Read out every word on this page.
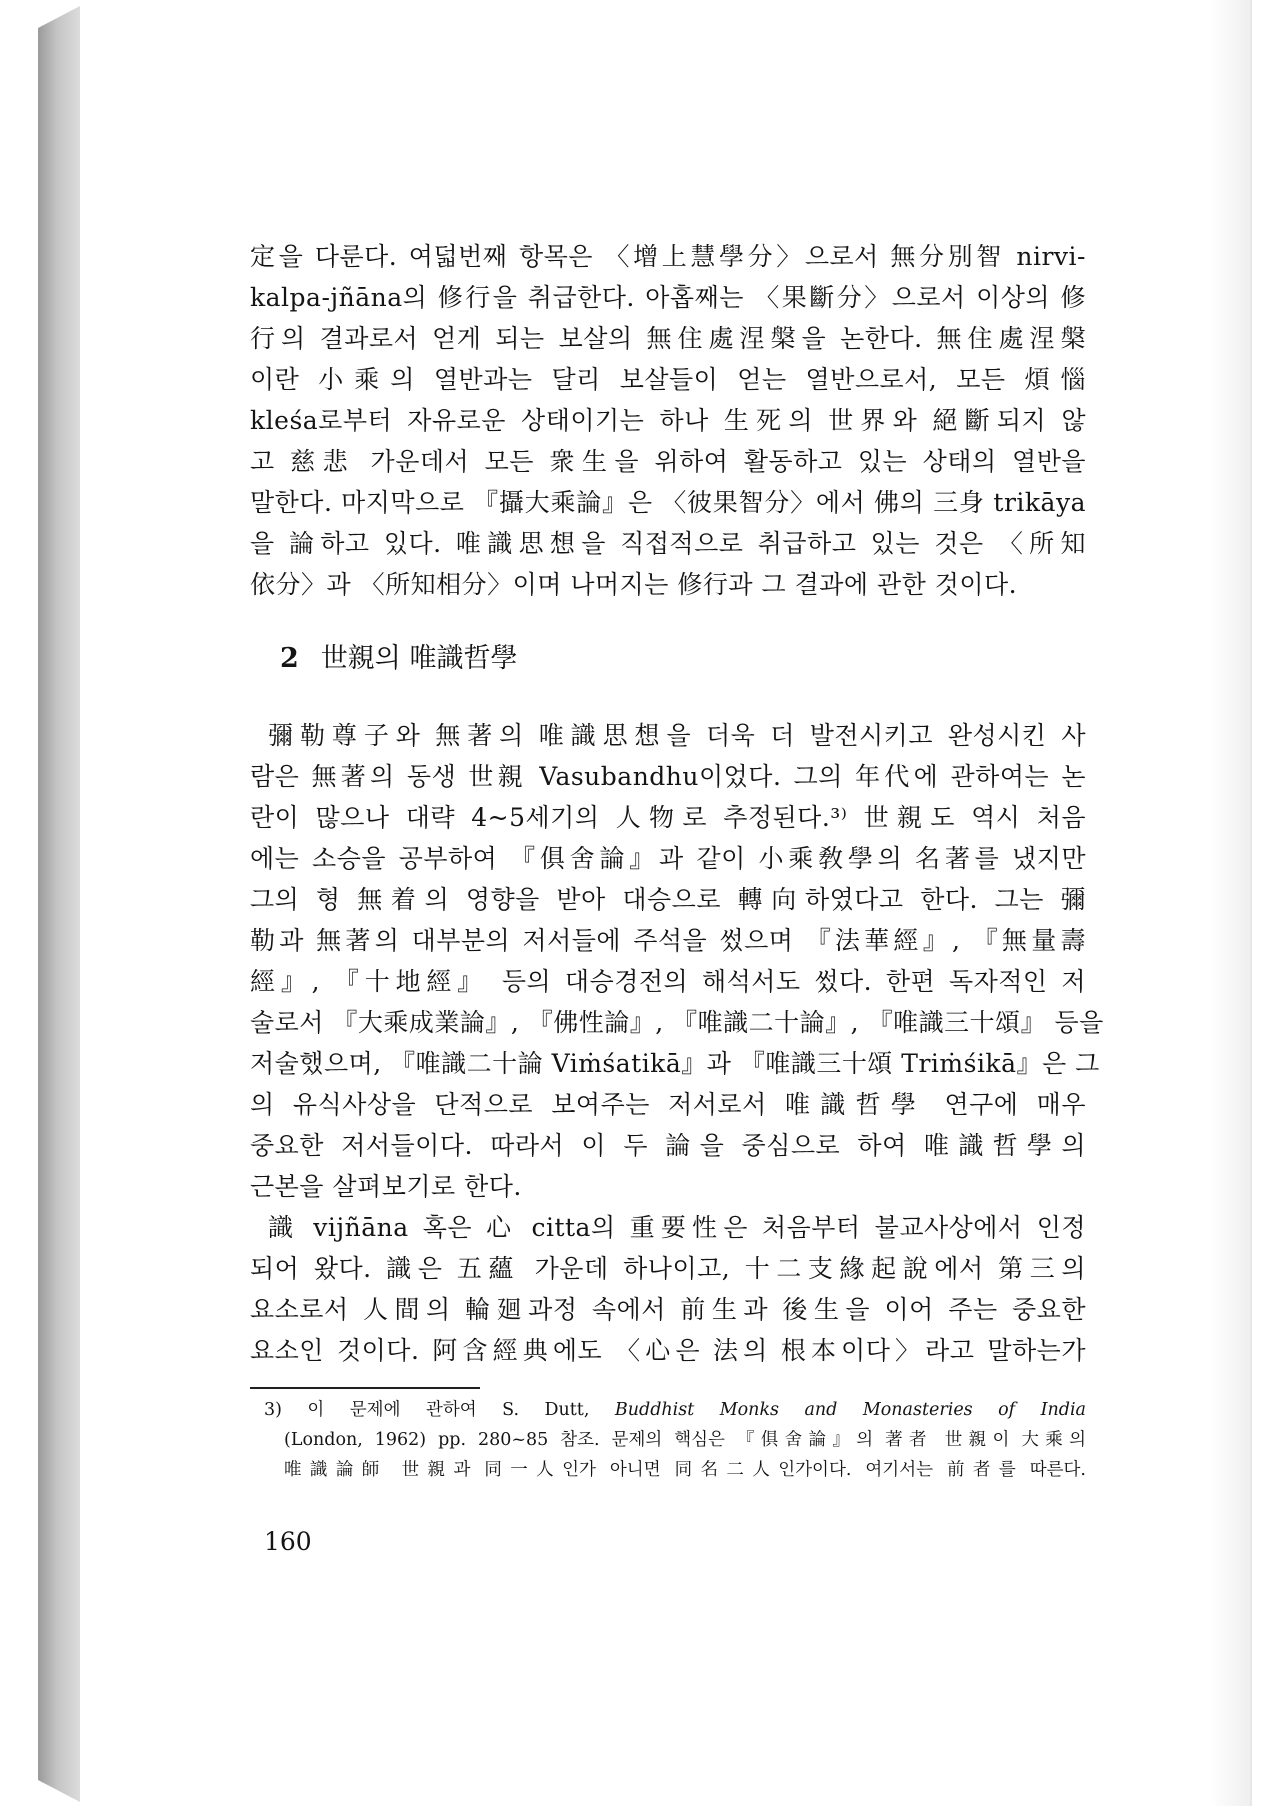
定을 다룬다. 여덟번째 항목은 〈增上慧學分〉으로서 無分別智 nirvi-
kalpa-jñāna의 修行을 취급한다. 아홉째는 〈果斷分〉으로서 이상의 修
行의 결과로서 얻게 되는 보살의 無住處涅槃을 논한다. 無住處涅槃
이란 小乘의 열반과는 달리 보살들이 얻는 열반으로서, 모든 煩惱
kleśa로부터 자유로운 상태이기는 하나 生死의 世界와 絕斷되지 않
고 慈悲 가운데서 모든 衆生을 위하여 활동하고 있는 상태의 열반을
말한다. 마지막으로 『攝大乘論』은 〈彼果智分〉에서 佛의 三身 trikāya
을 論하고 있다. 唯識思想을 직접적으로 취급하고 있는 것은 〈所知
依分〉과 〈所知相分〉이며 나머지는 修行과 그 결과에 관한 것이다.
2 世親의 唯識哲學
彌勒尊子와 無著의 唯識思想을 더욱 더 발전시키고 완성시킨 사
람은 無著의 동생 世親 Vasubandhu이었다. 그의 年代에 관하여는 논
란이 많으나 대략 4~5세기의 人物로 추정된다.³⁾ 世親도 역시 처음
에는 소승을 공부하여 『俱舍論』과 같이 小乘敎學의 名著를 냈지만
그의 형 無着의 영향을 받아 대승으로 轉向하였다고 한다. 그는 彌
勒과 無著의 대부분의 저서들에 주석을 썼으며 『法華經』, 『無量壽
經』, 『十地經』 등의 대승경전의 해석서도 썼다. 한편 독자적인 저
술로서 『大乘成業論』, 『佛性論』, 『唯識二十論』, 『唯識三十頌』 등을
저술했으며, 『唯識二十論 Viṁśatikā』과 『唯識三十頌 Triṁśikā』은 그
의 유식사상을 단적으로 보여주는 저서로서 唯識哲學 연구에 매우
중요한 저서들이다. 따라서 이 두 論을 중심으로 하여 唯識哲學의
근본을 살펴보기로 한다.
識 vijñāna 혹은 心 citta의 重要性은 처음부터 불교사상에서 인정
되어 왔다. 識은 五蘊 가운데 하나이고, 十二支緣起說에서 第三의
요소로서 人間의 輪廻과정 속에서 前生과 後生을 이어 주는 중요한
요소인 것이다. 阿含經典에도 〈心은 法의 根本이다〉라고 말하는가
3) 이 문제에 관하여 S. Dutt, Buddhist Monks and Monasteries of India
(London, 1962) pp. 280~85 참조. 문제의 핵심은 『俱舍論』의 著者 世親이 大乘의
唯識論師 世親과 同一人인가 아니면 同名二人인가이다. 여기서는 前者를 따른다.
160
